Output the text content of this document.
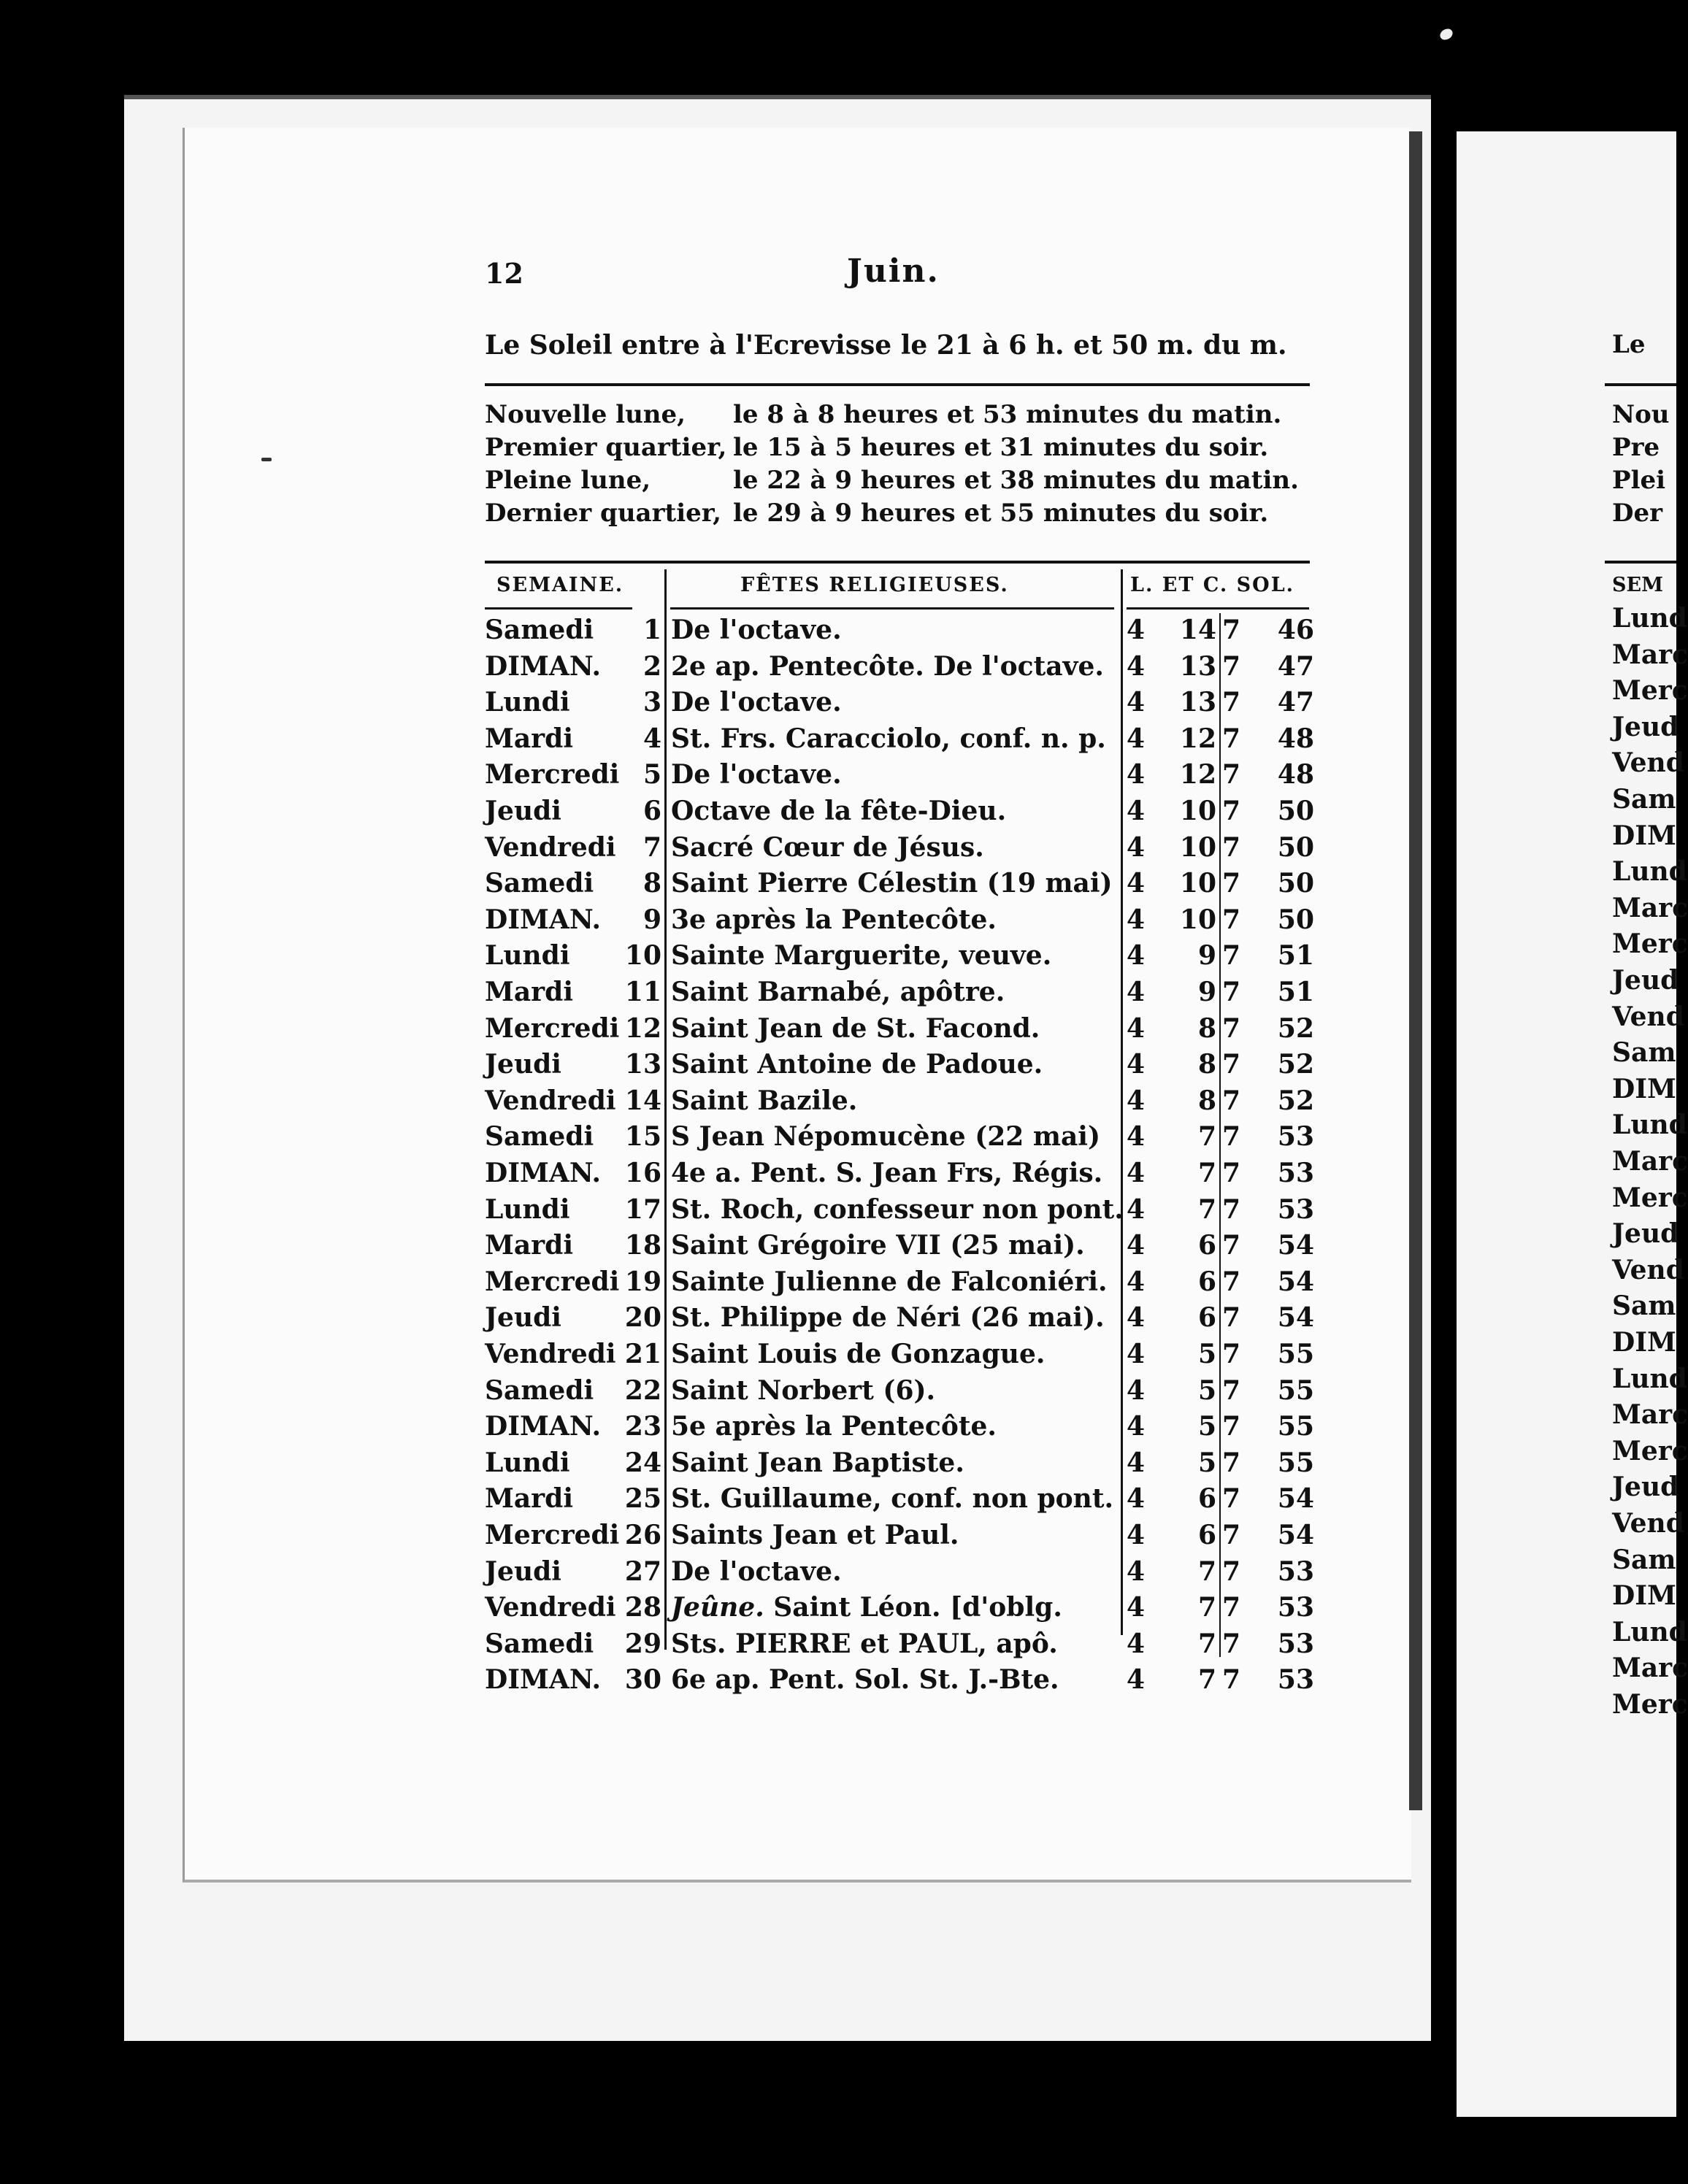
12	Juin.
Le Soleil entre à l'Ecrevisse le 21 à 6 h. et 50 m. du m.
Nouvelle lune,	le 8 à 8 heures et 53 minutes du matin.
Premier quartier, le 15 à 5 heures et 31 minutes du soir.
Pleine lune,	le 22 à 9 heures et 38 minutes du matin.
Dernier quartier, le 29 à 9 heures et 55 minutes du soir.
SEMAINE.	FÊTES RELIGIEUSES.	L. ET C. SOL.
Samedi	1 De l'octave.	4	14 7 46
DIMAN.	2 2e ap. Pentecôte. De l'octave. 4	13 7 47
Lundi	3 De l'octave.	4	13 7 47
Mardi	4 St. Frs. Caracciolo, conf. n. p. 4	12 7 48
Mercredi 5 De l'octave.	4	12 7 48
Jeudi	6 Octave de la fête-Dieu.	4	10 7 50
Vendredi	7 Sacré Cœur de Jésus.	4	10 7 50
Samedi	8 Saint Pierre Célestin (19 mai) 4	10 7 50
DIMAN.	9 3e après la Pentecôte.	4	10 7 50
Lundi 10 Sainte Marguerite, veuve.	4	9 7 51
Mardi 11 Saint Barnabé, apôtre.	4	9 7 51
Mercredi 12 Saint Jean de St. Facond.	4	8 7 52
Jeudi 13 Saint Antoine de Padoue.	4	8 7 52
Vendredi 14 Saint Bazile.	4	8 7 52
Samedi 15 S Jean Népomucène (22 mai) 4	7 7 53
DIMAN. 16 4e a. Pent. S. Jean Frs, Régis. 4	7 7 53
Lundi 17 St. Roch, confesseur non pont. 4	7 7 53
Mardi 18 Saint Grégoire VII (25 mai). 4	6 7 54
Mercredi 19 Sainte Julienne de Falconiéri. 4	6 7 54
Jeudi 20 St. Philippe de Néri (26 mai). 4	6 7 54
Vendredi 21 Saint Louis de Gonzague.	4	5 7 55
Samedi 22 Saint Norbert (6).	4	5 7 55
DIMAN. 23 5e après la Pentecôte.	4	5 7 55
Lundi 24 Saint Jean Baptiste.	4	5 7 55
Mardi 25 St. Guillaume, conf. non pont. 4	6 7 54
Mercredi 26 Saints Jean et Paul.	4	6 7 54
Jeudi 27 De l'octave.	4	7 7 53
Vendredi 28 Jeûne. Saint Léon. [d'oblg. 4	7 7 53
Samedi 29 Sts. PIERRE et PAUL, apô.	4	7 7 53
DIMAN. 30 6e ap. Pent. Sol. St. J.-Bte.	4	7 7 53
Le
Nou
Pre
Plei
Der
SEM
Lund
Marc
Merc
Jeud
Vend
Sam
DIM
Lund
Marc
Merc
Jeud
Vend
Sam
DIM
Lund
Marc
Merc
Jeud
Vend
Sam
DIM
Lund
Marc
Merc
Jeud
Vend
Sam
DIM
Lund
Marc
Merc
